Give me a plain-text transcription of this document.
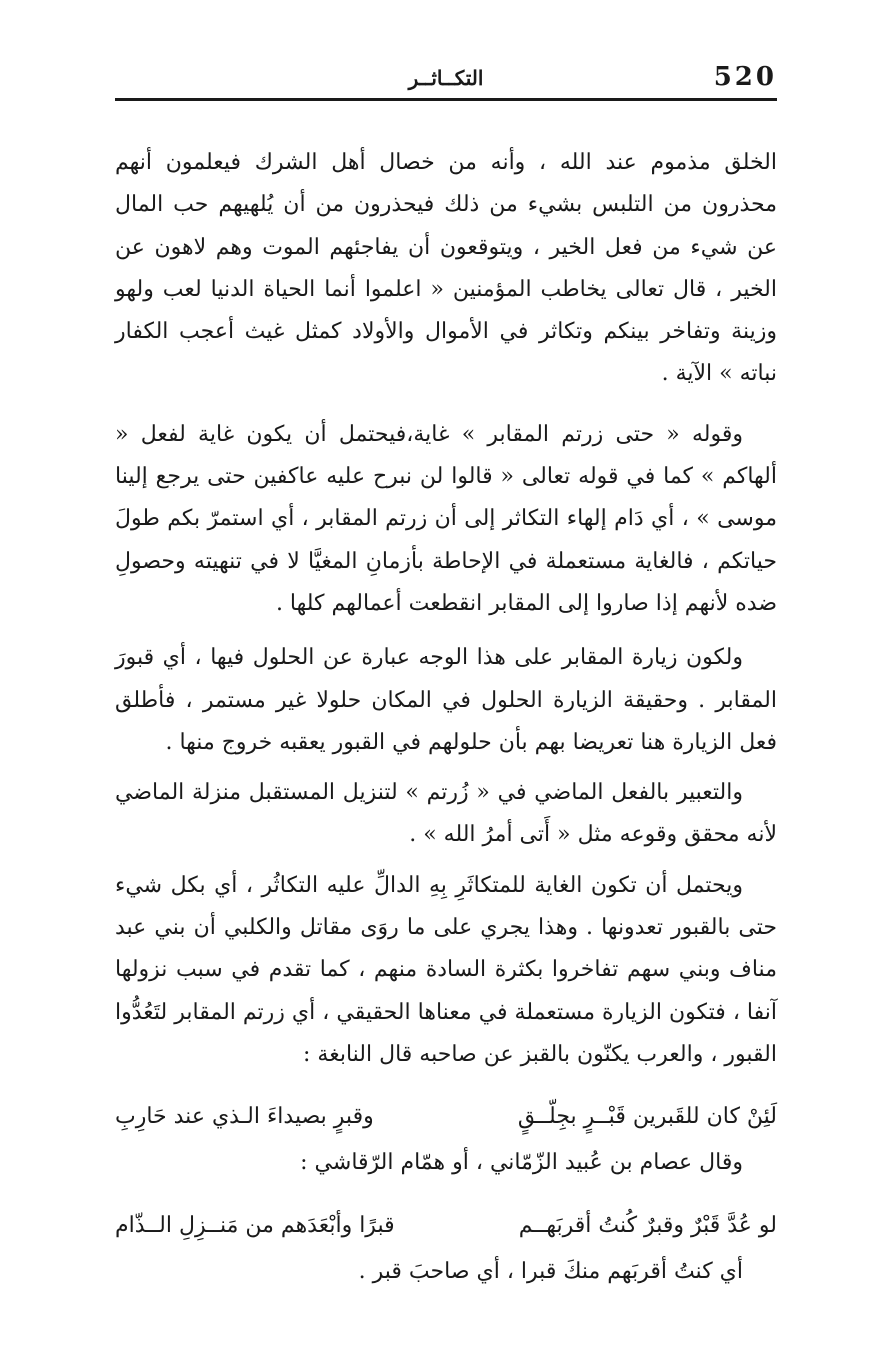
520
التكــاثــر

الخلق مذموم عند الله ، وأنه من خصال أهل الشرك فيعلمون أنهم محذرون من التلبس بشيء من ذلك فيحذرون من أن يُلهيهم حب المال عن شيء من فعل الخير ، ويتوقعون أن يفاجئهم الموت وهم لاهون عن الخير ، قال تعالى يخاطب المؤمنين « اعلموا أنما الحياة الدنيا لعب ولهو وزينة وتفاخر بينكم وتكاثر في الأموال والأولاد كمثل غيث أعجب الكفار نباته » الآية .

وقوله « حتى زرتم المقابر » غاية،فيحتمل أن يكون غاية لفعل « ألهاكم » كما في قوله تعالى « قالوا لن نبرح عليه عاكفين حتى يرجع إلينا موسى » ، أي دَام إلهاء التكاثر إلى أن زرتم المقابر ، أي استمرّ بكم طولَ حياتكم ، فالغاية مستعملة في الإحاطة بأزمانِ المغيَّا لا في تنهيته وحصولِ ضده لأنهم إذا صاروا إلى المقابر انقطعت أعمالهم كلها .

ولكون زيارة المقابر على هذا الوجه عبارة عن الحلول فيها ، أي قبورَ المقابر . وحقيقة الزيارة الحلول في المكان حلولا غير مستمر ، فأطلق فعل الزيارة هنا تعريضا بهم بأن حلولهم في القبور يعقبه خروج منها .

والتعبير بالفعل الماضي في « زُرتم » لتنزيل المستقبل منزلة الماضي لأنه محقق وقوعه مثل « أَتى أمرُ الله » .

ويحتمل أن تكون الغاية للمتكاثَرِ بِهِ الدالِّ عليه التكاثُر ، أي بكل شيء حتى بالقبور تعدونها . وهذا يجري على ما روَى مقاتل والكلبي أن بني عبد مناف وبني سهم تفاخروا بكثرة السادة منهم ، كما تقدم في سبب نزولها آنفا ، فتكون الزيارة مستعملة في معناها الحقيقي ، أي زرتم المقابر لتَعُدُّوا القبور ، والعرب يكنّون بالقبز عن صاحبه قال النابغة :

لَئِنْ كان للقَبرين قَبْــرٍ بجِلّــقٍ
وقبرٍ بصيداءَ الـذي عند حَارِبِ

وقال عصام بن عُبيد الزّمّاني ، أو همّام الرّقاشي :

لو عُدَّ قَبْرٌ وقبرٌ كُنتُ أقربَهــم
قبرًا وأبْعَدَهم من مَنــزِلِ الــذّام

أي كنتُ أقربَهم منكَ قبرا ، أي صاحبَ قبر .
